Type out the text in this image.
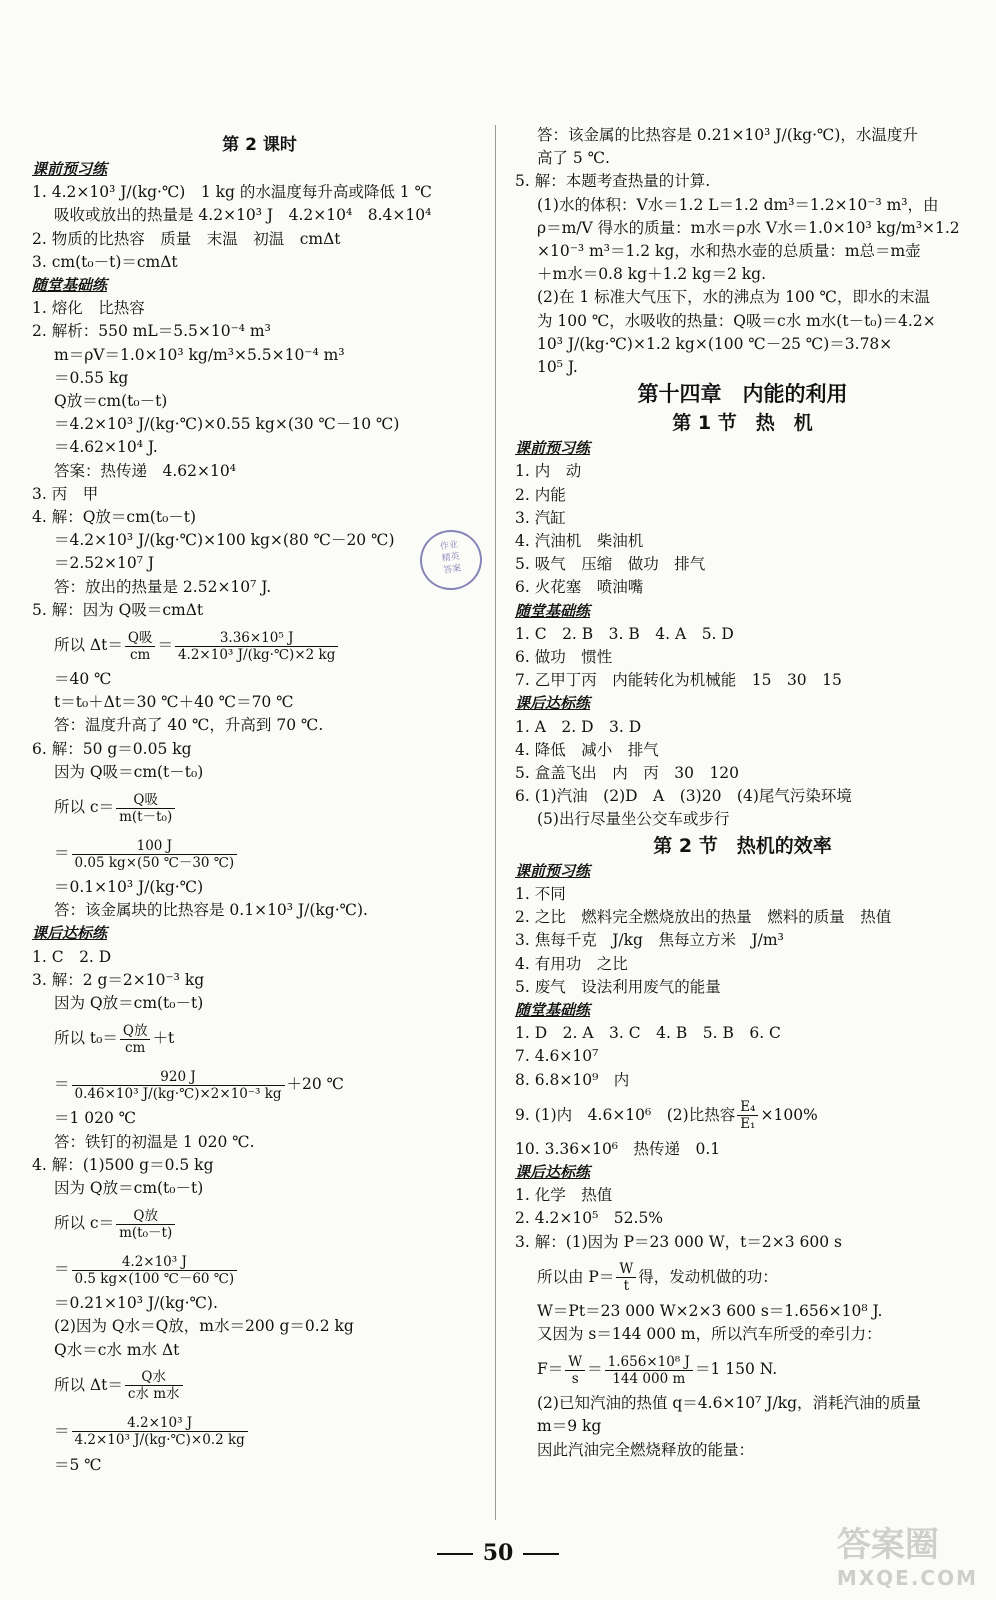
第 2 课时
课前预习练
1. 4.2×10³ J/(kg·℃)　1 kg 的水温度每升高或降低 1 ℃
吸收或放出的热量是 4.2×10³ J　4.2×10⁴　8.4×10⁴
2. 物质的比热容　质量　末温　初温　cmΔt
3. cm(t₀－t)＝cmΔt
随堂基础练
1. 熔化　比热容
2. 解析：550 mL＝5.5×10⁻⁴ m³
m＝ρV＝1.0×10³ kg/m³×5.5×10⁻⁴ m³
＝0.55 kg
Q放＝cm(t₀－t)
＝4.2×10³ J/(kg·℃)×0.55 kg×(30 ℃－10 ℃)
＝4.62×10⁴ J.
答案：热传递　4.62×10⁴
3. 丙　甲
4. 解：Q放＝cm(t₀－t)
＝4.2×10³ J/(kg·℃)×100 kg×(80 ℃－20 ℃)
＝2.52×10⁷ J
答：放出的热量是 2.52×10⁷ J.
5. 解：因为 Q吸＝cmΔt
所以 $\Delta t= \frac{\text{Q吸}}{cm} = \frac{\text{3.36×10⁵ J}}{\text{4.2×10³ J/(kg·℃)×2 kg}}$
＝40 ℃
t＝t₀＋Δt＝30 ℃＋40 ℃＝70 ℃
答：温度升高了 40 ℃，升高到 70 ℃.
6. 解：50 g＝0.05 kg
因为 Q吸＝cm(t－t₀)
所以 $c= \frac{\text{Q吸}}{\text{m(t－t₀)}}$
＝ $\frac{100 J}{0.05 kg\times(50 ℃-30 ℃)}$
＝0.1×10³ J/(kg·℃)
答：该金属块的比热容是 0.1×10³ J/(kg·℃).
课后达标练
1. C　2. D
3. 解：2 g＝2×10⁻³ kg
因为 Q放＝cm(t₀－t)
所以 $t_0= \frac{\text{Q放}}{cm} +t$
＝ $\frac{920 J}{\text{0.46×10³ J/(kg·℃)×2×10⁻³ kg}} +20$ ℃
＝1 020 ℃
答：铁钉的初温是 1 020 ℃.
4. 解：(1)500 g＝0.5 kg
因为 Q放＝cm(t₀－t)
所以 $c= \frac{\text{Q放}}{\text{m(t₀－t)}}$
＝ $\frac{\text{4.2×10³ J}}{0.5 kg\times(100 ℃-60 ℃)}$
＝0.21×10³ J/(kg·℃).
(2)因为 Q水＝Q放，m水＝200 g＝0.2 kg
Q水＝c水 m水 Δt
所以 $\Delta t= \frac{\text{Q水}}{\text{c水 m水}}$
＝ $\frac{\text{4.2×10³ J}}{\text{4.2×10³ J/(kg·℃)×0.2 kg}}$
＝5 ℃
答：该金属的比热容是 0.21×10³ J/(kg·℃)，水温度升
高了 5 ℃.
5. 解：本题考查热量的计算.
(1)水的体积：V水＝1.2 L＝1.2 dm³＝1.2×10⁻³ m³，由
ρ＝m/V 得水的质量：m水＝ρ水 V水＝1.0×10³ kg/m³×1.2
×10⁻³ m³＝1.2 kg，水和热水壶的总质量：m总＝m壶
＋m水＝0.8 kg＋1.2 kg＝2 kg.
(2)在 1 标准大气压下，水的沸点为 100 ℃，即水的末温
为 100 ℃，水吸收的热量：Q吸＝c水 m水(t－t₀)＝4.2×
10³ J/(kg·℃)×1.2 kg×(100 ℃－25 ℃)＝3.78×
10⁵ J.
第十四章　内能的利用
第 1 节　热　机
课前预习练
1. 内　动
2. 内能
3. 汽缸
4. 汽油机　柴油机
5. 吸气　压缩　做功　排气
6. 火花塞　喷油嘴
随堂基础练
1. C　2. B　3. B　4. A　5. D
6. 做功　惯性
7. 乙甲丁丙　内能转化为机械能　15　30　15
课后达标练
1. A　2. D　3. D
4. 降低　减小　排气
5. 盒盖飞出　内　丙　30　120
6. (1)汽油　(2)D　A　(3)20　(4)尾气污染环境
(5)出行尽量坐公交车或步行
第 2 节　热机的效率
课前预习练
1. 不同
2. 之比　燃料完全燃烧放出的热量　燃料的质量　热值
3. 焦每千克　J/kg　焦每立方米　J/m³
4. 有用功　之比
5. 废气　设法利用废气的能量
随堂基础练
1. D　2. A　3. C　4. B　5. B　6. C
7. 4.6×10⁷
8. 6.8×10⁹　内
9. (1)内　4.6×10⁶　(2)比热容 $\frac{\text{E₄}}{\text{E₁}} \times 100\%$
10. 3.36×10⁶　热传递　0.1
课后达标练
1. 化学　热值
2. 4.2×10⁵　52.5%
3. 解：(1)因为 P＝23 000 W，t＝2×3 600 s
所以由 $P= \frac{W}{t}$ 得，发动机做的功：
W＝Pt＝23 000 W×2×3 600 s＝1.656×10⁸ J.
又因为 s＝144 000 m，所以汽车所受的牵引力：
$F= \frac{W}{s} = \frac{\text{1.656×10⁸ J}}{144 000 m} =1$ 150 N.
(2)已知汽油的热值 q＝4.6×10⁷ J/kg，消耗汽油的质量
m＝9 kg
因此汽油完全燃烧释放的能量：
作业
精英
答案
50	答案圈
MXQE.COM
